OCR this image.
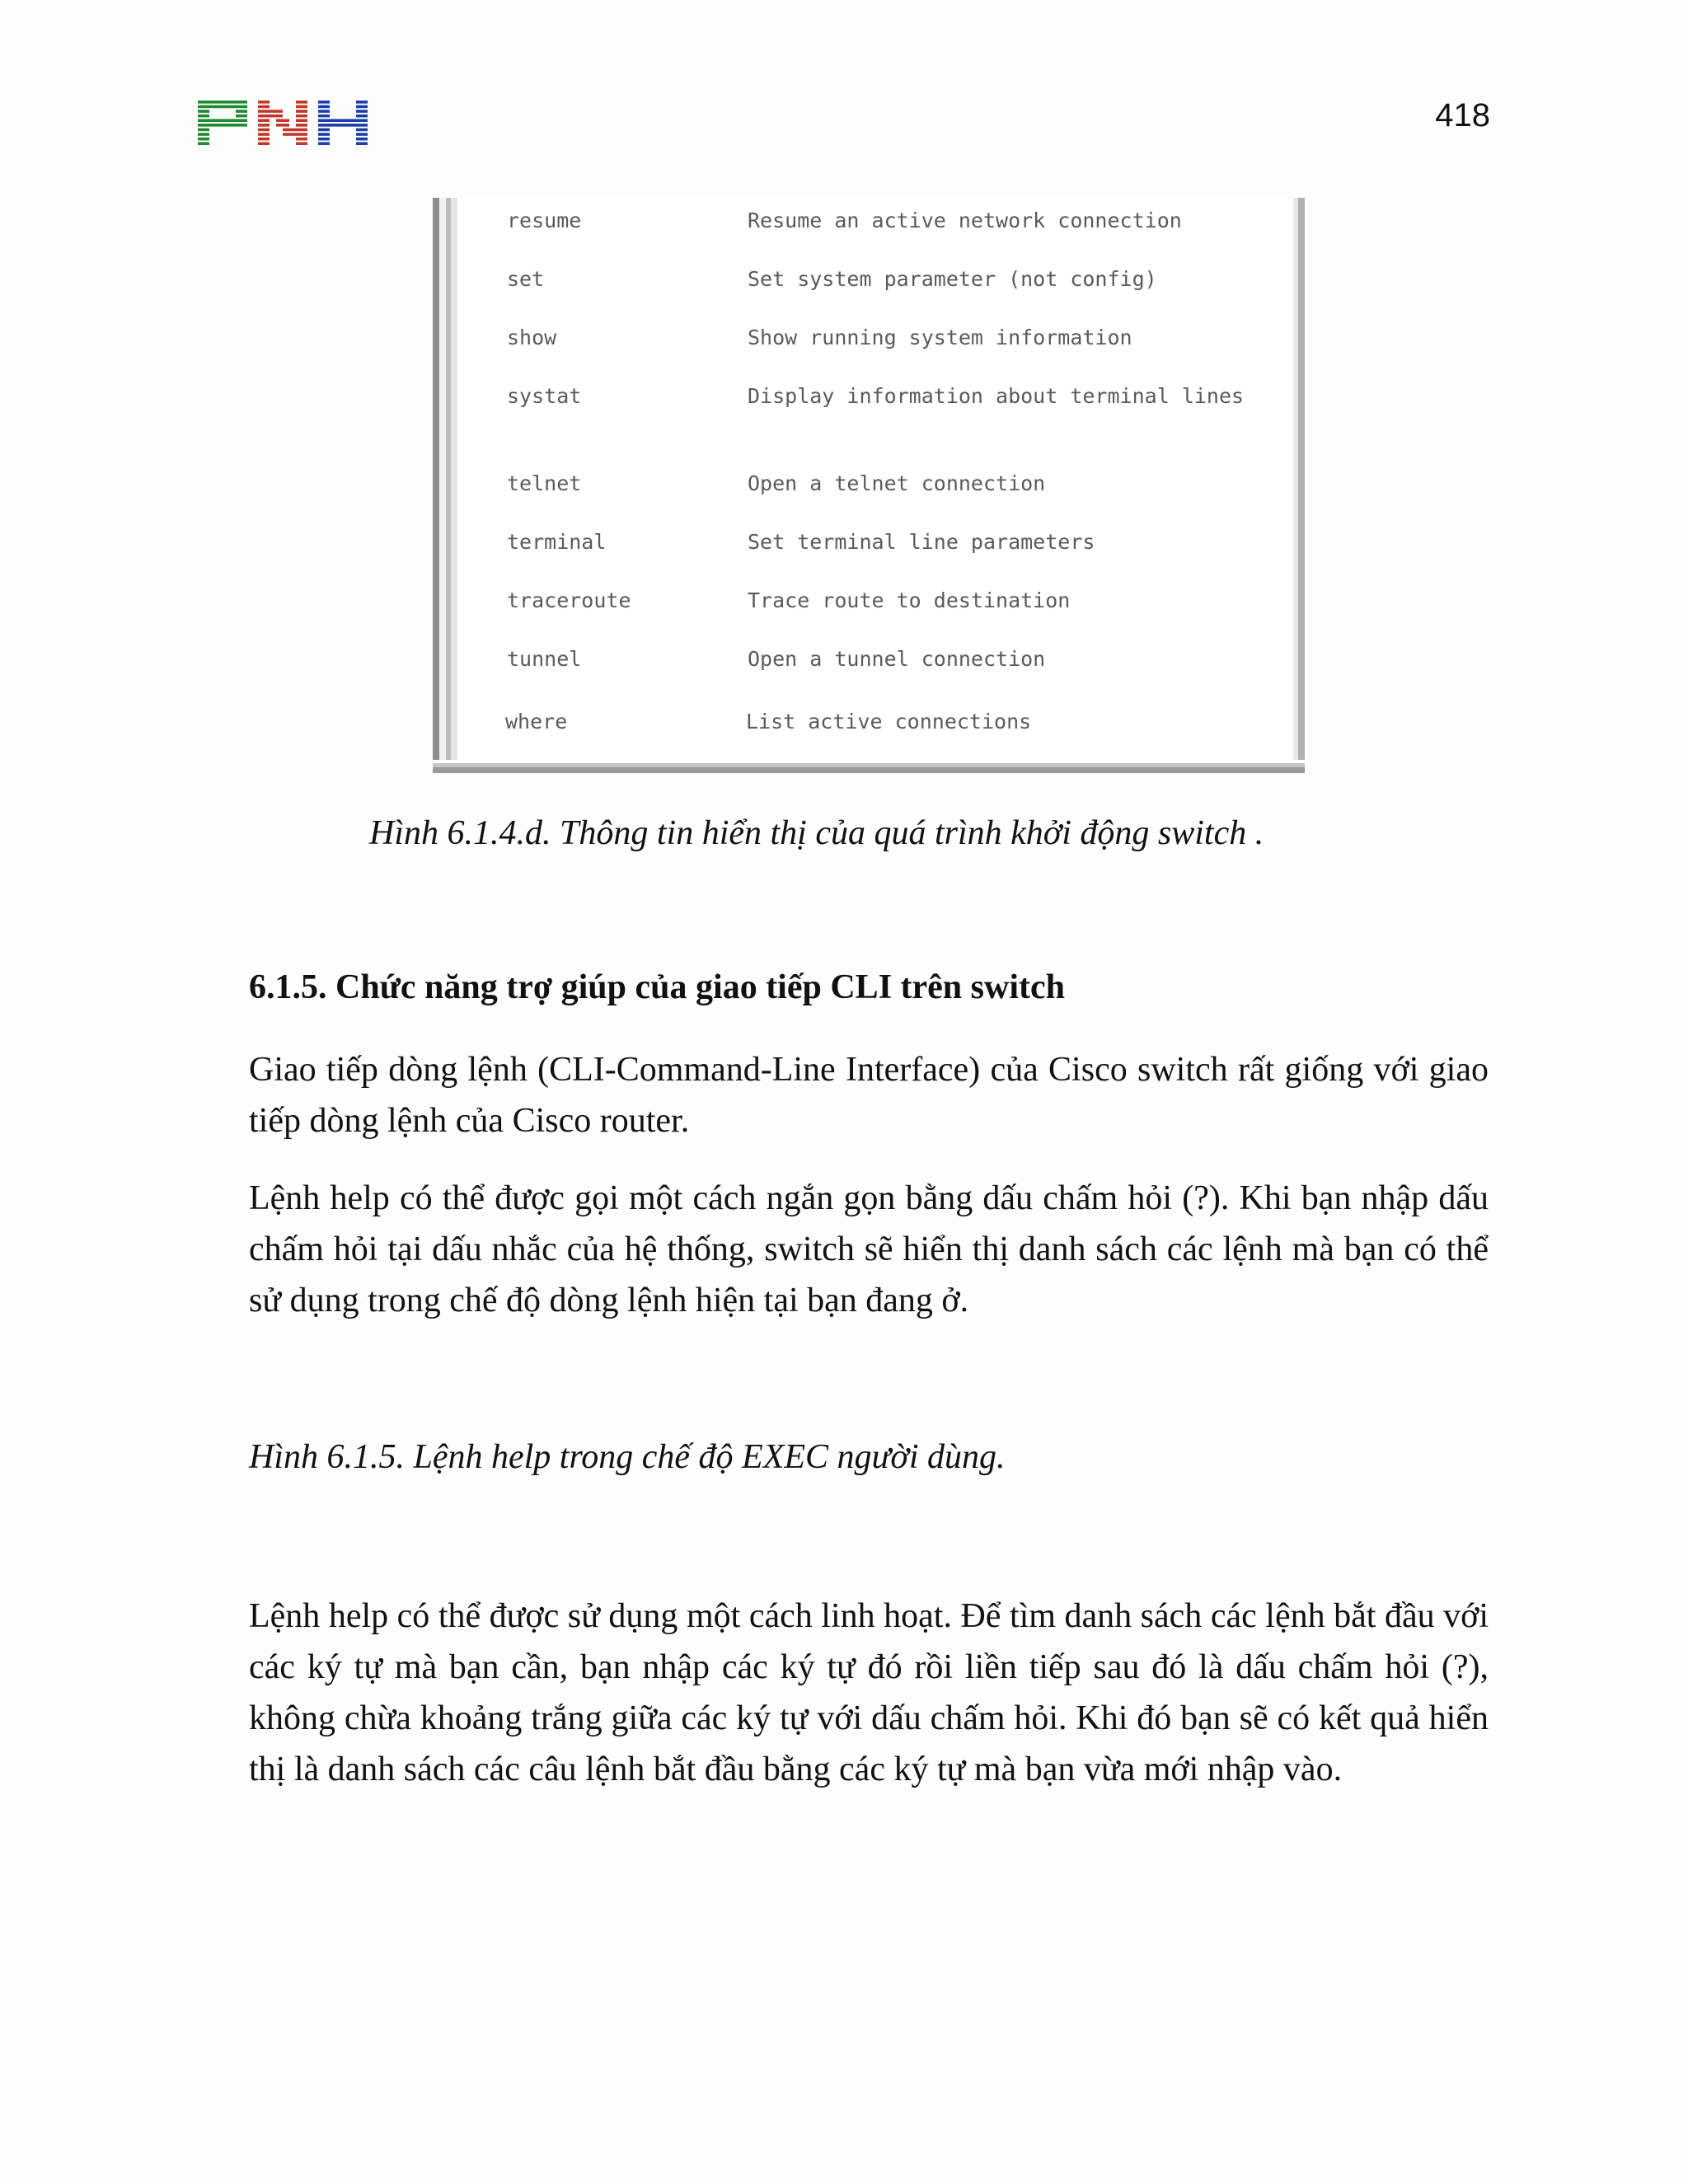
418
resume	Resume an active network connection
set	Set system parameter (not config)
show	Show running system information
systat	Display information about terminal lines
telnet	Open a telnet connection
terminal	Set terminal line parameters
traceroute	Trace route to destination
tunnel	Open a tunnel connection
where	List active connections
Hình 6.1.4.d. Thông tin hiển thị của quá trình khởi động switch .
6.1.5. Chức năng trợ giúp của giao tiếp CLI trên switch

Giao tiếp dòng lệnh (CLI-Command-Line Interface) của Cisco switch rất giống với giao tiếp dòng lệnh của Cisco router.

Lệnh help có thể được gọi một cách ngắn gọn bằng dấu chấm hỏi (?). Khi bạn nhập dấu chấm hỏi tại dấu nhắc của hệ thống, switch sẽ hiển thị danh sách các lệnh mà bạn có thể sử dụng trong chế độ dòng lệnh hiện tại bạn đang ở.

Hình 6.1.5. Lệnh help trong chế độ EXEC người dùng.

Lệnh help có thể được sử dụng một cách linh hoạt. Để tìm danh sách các lệnh bắt đầu với các ký tự mà bạn cần, bạn nhập các ký tự đó rồi liền tiếp sau đó là dấu chấm hỏi (?), không chừa khoảng trắng giữa các ký tự với dấu chấm hỏi. Khi đó bạn sẽ có kết quả hiển thị là danh sách các câu lệnh bắt đầu bằng các ký tự mà bạn vừa mới nhập vào.
